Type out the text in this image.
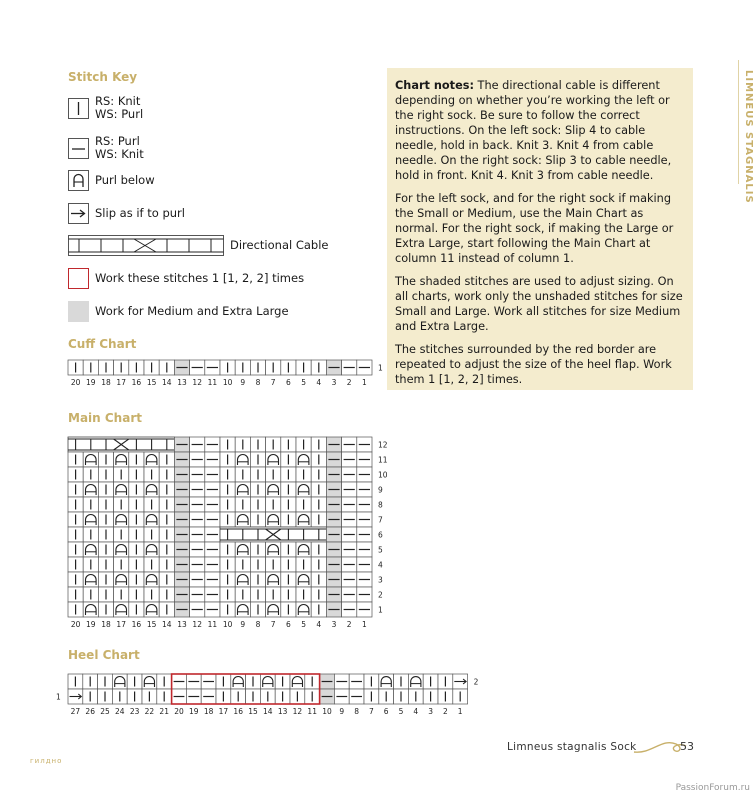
Stitch Key
RS: Knit
WS: Purl
RS: Purl
WS: Knit
Purl below
Slip as if to purl
Directional Cable
Work these stitches 1 [1, 2, 2] times
Work for Medium and Extra Large

Chart notes: The directional cable is different depending on whether you’re working the left or the right sock. Be sure to follow the correct instructions. On the left sock: Slip 4 to cable needle, hold in back. Knit 3. Knit 4 from cable needle. On the right sock: Slip 3 to cable needle, hold in front. Knit 4. Knit 3 from cable needle.

For the left sock, and for the right sock if making the Small or Medium, use the Main Chart as normal. For the right sock, if making the Large or Extra Large, start following the Main Chart at column 11 instead of column 1.

The shaded stitches are used to adjust sizing. On all charts, work only the unshaded stitches for size Small and Large. Work all stitches for size Medium and Extra Large.

The stitches surrounded by the red border are repeated to adjust the size of the heel flap. Work them 1 [1, 2, 2] times.

LIMNEUS STAGNALIS
Cuff Chart
1
20 19 18 17 16 15 14 13 12 11 10 9 8 7 6 5 4 3 2 1
Main Chart
12
11
10
9
8
7
6
5
4
3
2
1
20 19 18 17 16 15 14 13 12 11 10 9 8 7 6 5 4 3 2 1
Heel Chart
1
27 26 25 24 23 22 21 20 19 18 17 16 15 14 13 12 11 10 9 8 7 6 5 4 3 2 1
2
Limneus stagnalis Sock	53
гилдно
PassionForum.ru
